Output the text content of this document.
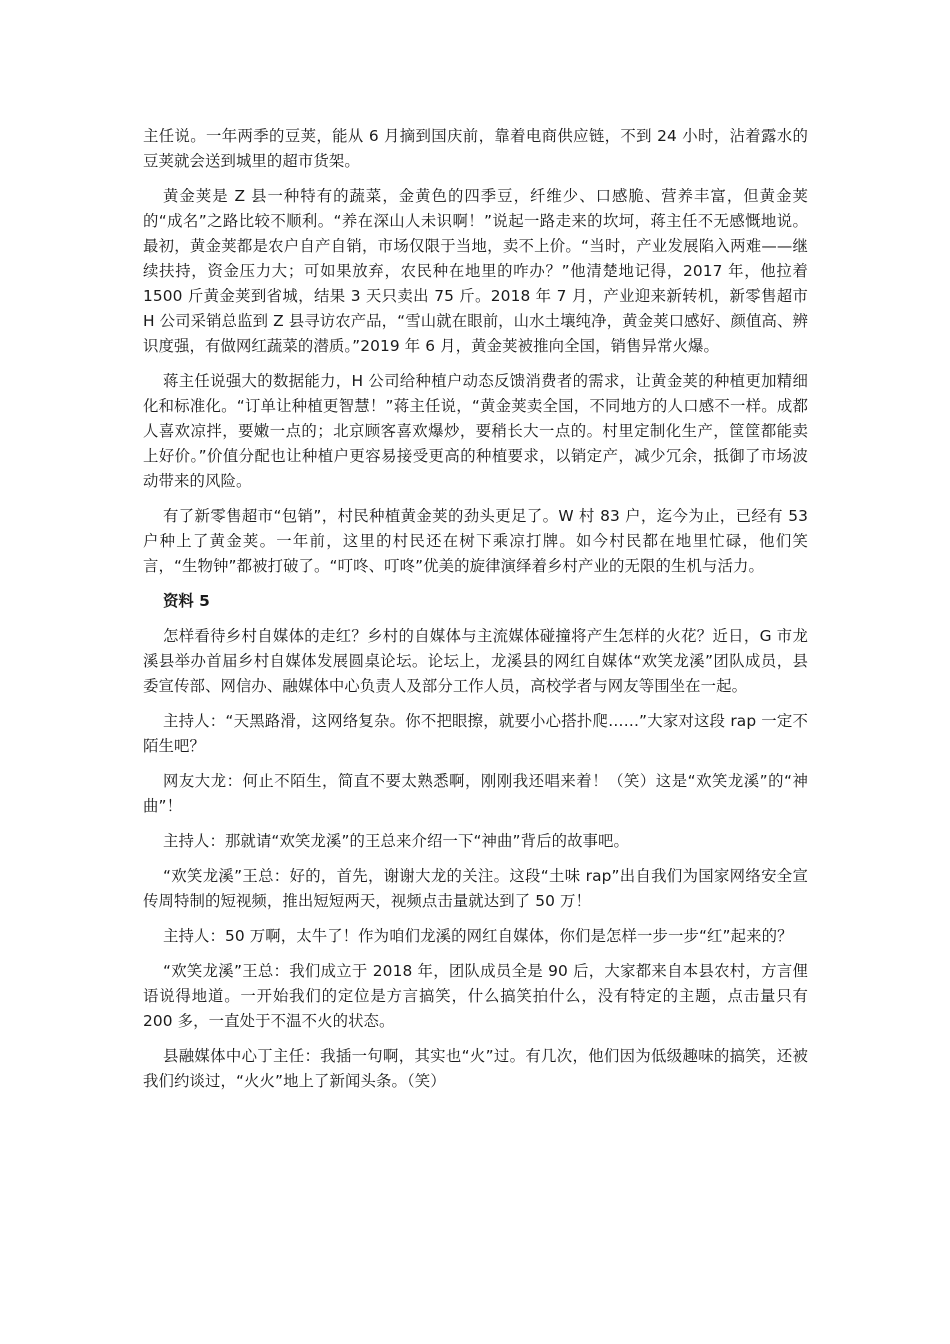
主任说。一年两季的豆荚，能从 6 月摘到国庆前，靠着电商供应链，不到 24 小时，沾着露水的豆荚就会送到城里的超市货架。

黄金荚是 Z 县一种特有的蔬菜，金黄色的四季豆，纤维少、口感脆、营养丰富，但黄金荚的“成名”之路比较不顺利。“养在深山人未识啊！”说起一路走来的坎坷，蒋主任不无感慨地说。最初，黄金荚都是农户自产自销，市场仅限于当地，卖不上价。“当时，产业发展陷入两难——继续扶持，资金压力大；可如果放弃，农民种在地里的咋办？”他清楚地记得，2017 年，他拉着 1500 斤黄金荚到省城，结果 3 天只卖出 75 斤。2018 年 7 月，产业迎来新转机，新零售超市 H 公司采销总监到 Z 县寻访农产品，“雪山就在眼前，山水土壤纯净，黄金荚口感好、颜值高、辨识度强，有做网红蔬菜的潜质。”2019 年 6 月，黄金荚被推向全国，销售异常火爆。

蒋主任说强大的数据能力，H 公司给种植户动态反馈消费者的需求，让黄金荚的种植更加精细化和标准化。“订单让种植更智慧！”蒋主任说，“黄金荚卖全国，不同地方的人口感不一样。成都人喜欢凉拌，要嫩一点的；北京顾客喜欢爆炒，要稍长大一点的。村里定制化生产，筐筐都能卖上好价。”价值分配也让种植户更容易接受更高的种植要求，以销定产，减少冗余，抵御了市场波动带来的风险。

有了新零售超市“包销”，村民种植黄金荚的劲头更足了。W 村 83 户，迄今为止，已经有 53 户种上了黄金荚。一年前，这里的村民还在树下乘凉打牌。如今村民都在地里忙碌，他们笑言，“生物钟”都被打破了。“叮咚、叮咚”优美的旋律演绎着乡村产业的无限的生机与活力。

资料 5

怎样看待乡村自媒体的走红？乡村的自媒体与主流媒体碰撞将产生怎样的火花？近日，G 市龙溪县举办首届乡村自媒体发展圆桌论坛。论坛上，龙溪县的网红自媒体“欢笑龙溪”团队成员，县委宣传部、网信办、融媒体中心负责人及部分工作人员，高校学者与网友等围坐在一起。

主持人：“天黑路滑，这网络复杂。你不把眼擦，就要小心搭扑爬……”大家对这段 rap 一定不陌生吧？

网友大龙：何止不陌生，简直不要太熟悉啊，刚刚我还唱来着！（笑）这是“欢笑龙溪”的“神曲”！

主持人：那就请“欢笑龙溪”的王总来介绍一下“神曲”背后的故事吧。

“欢笑龙溪”王总：好的，首先，谢谢大龙的关注。这段“土味 rap”出自我们为国家网络安全宣传周特制的短视频，推出短短两天，视频点击量就达到了 50 万！

主持人：50 万啊，太牛了！作为咱们龙溪的网红自媒体，你们是怎样一步一步“红”起来的？

“欢笑龙溪”王总：我们成立于 2018 年，团队成员全是 90 后，大家都来自本县农村，方言俚语说得地道。一开始我们的定位是方言搞笑，什么搞笑拍什么，没有特定的主题，点击量只有 200 多，一直处于不温不火的状态。

县融媒体中心丁主任：我插一句啊，其实也“火”过。有几次，他们因为低级趣味的搞笑，还被我们约谈过，“火火”地上了新闻头条。（笑）
